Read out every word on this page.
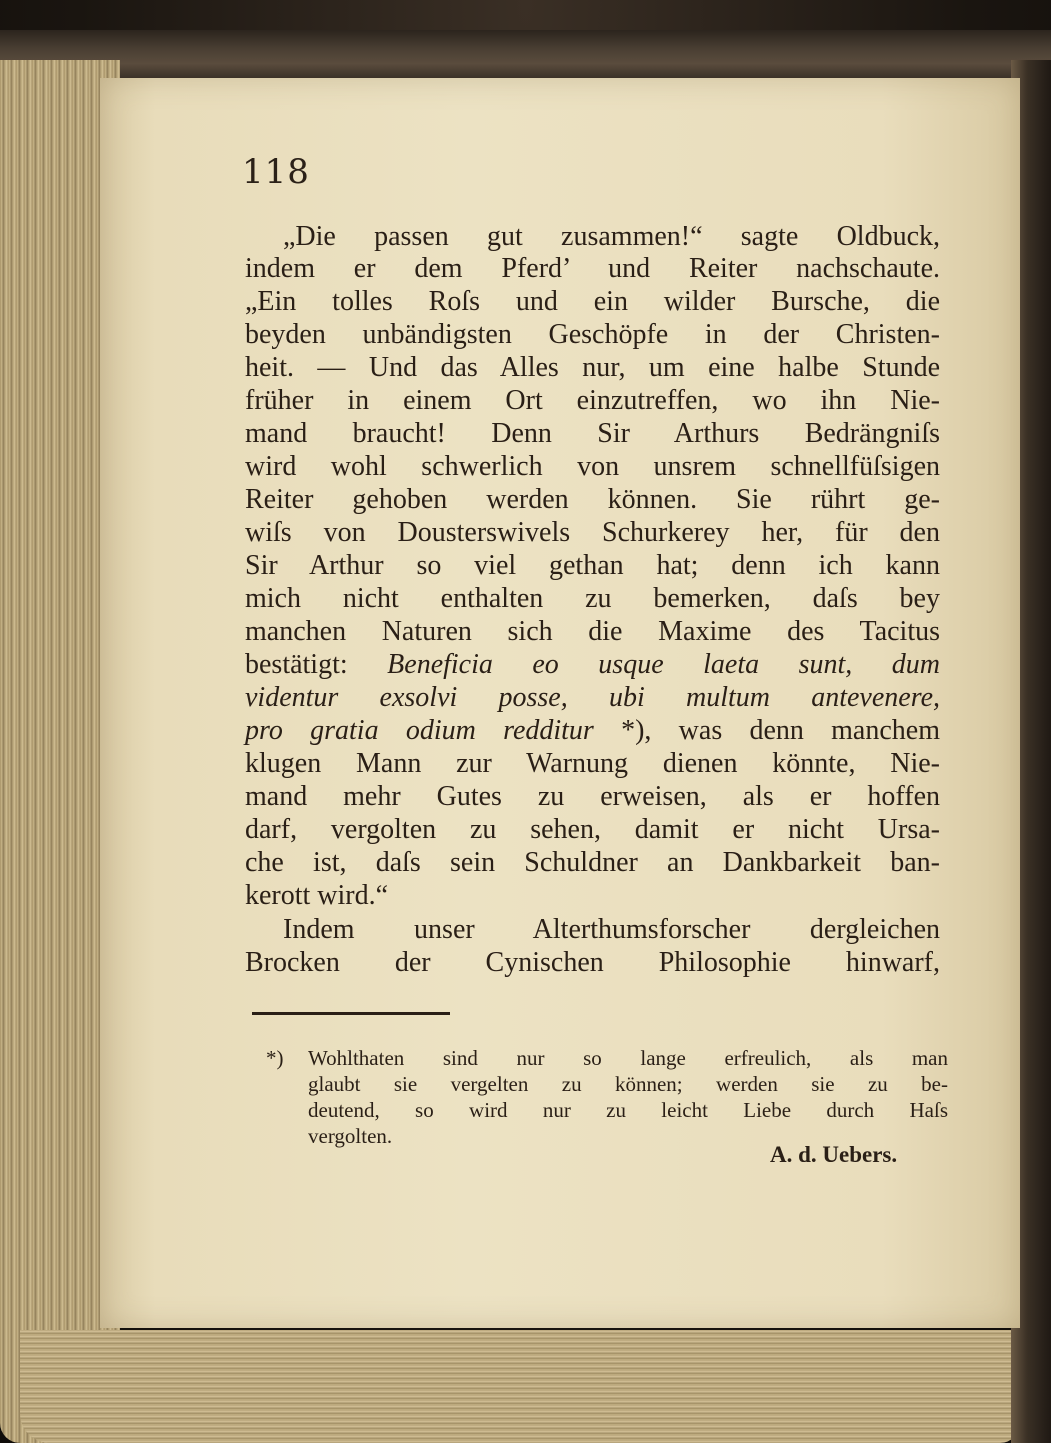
118
„Die passen gut zusammen!“ sagte Oldbuck,
indem er dem Pferd’ und Reiter nachschaute.
„Ein tolles Roſs und ein wilder Bursche, die
beyden unbändigsten Geschöpfe in der Christen-
heit. — Und das Alles nur, um eine halbe Stunde
früher in einem Ort einzutreffen, wo ihn Nie-
mand braucht! Denn Sir Arthurs Bedrängniſs
wird wohl schwerlich von unsrem schnellfüſsigen
Reiter gehoben werden können. Sie rührt ge-
wiſs von Dousterswivels Schurkerey her, für den
Sir Arthur so viel gethan hat; denn ich kann
mich nicht enthalten zu bemerken, daſs bey
manchen Naturen sich die Maxime des Tacitus
bestätigt: Beneficia eo usque laeta sunt, dum
videntur exsolvi posse, ubi multum antevenere,
pro gratia odium redditur *), was denn manchem
klugen Mann zur Warnung dienen könnte, Nie-
mand mehr Gutes zu erweisen, als er hoffen
darf, vergolten zu sehen, damit er nicht Ursa-
che ist, daſs sein Schuldner an Dankbarkeit ban-
kerott wird.“
Indem unser Alterthumsforscher dergleichen
Brocken der Cynischen Philosophie hinwarf,
*) Wohlthaten sind nur so lange erfreulich, als man
glaubt sie vergelten zu können; werden sie zu be-
deutend, so wird nur zu leicht Liebe durch Haſs
vergolten.
A. d. Uebers.
